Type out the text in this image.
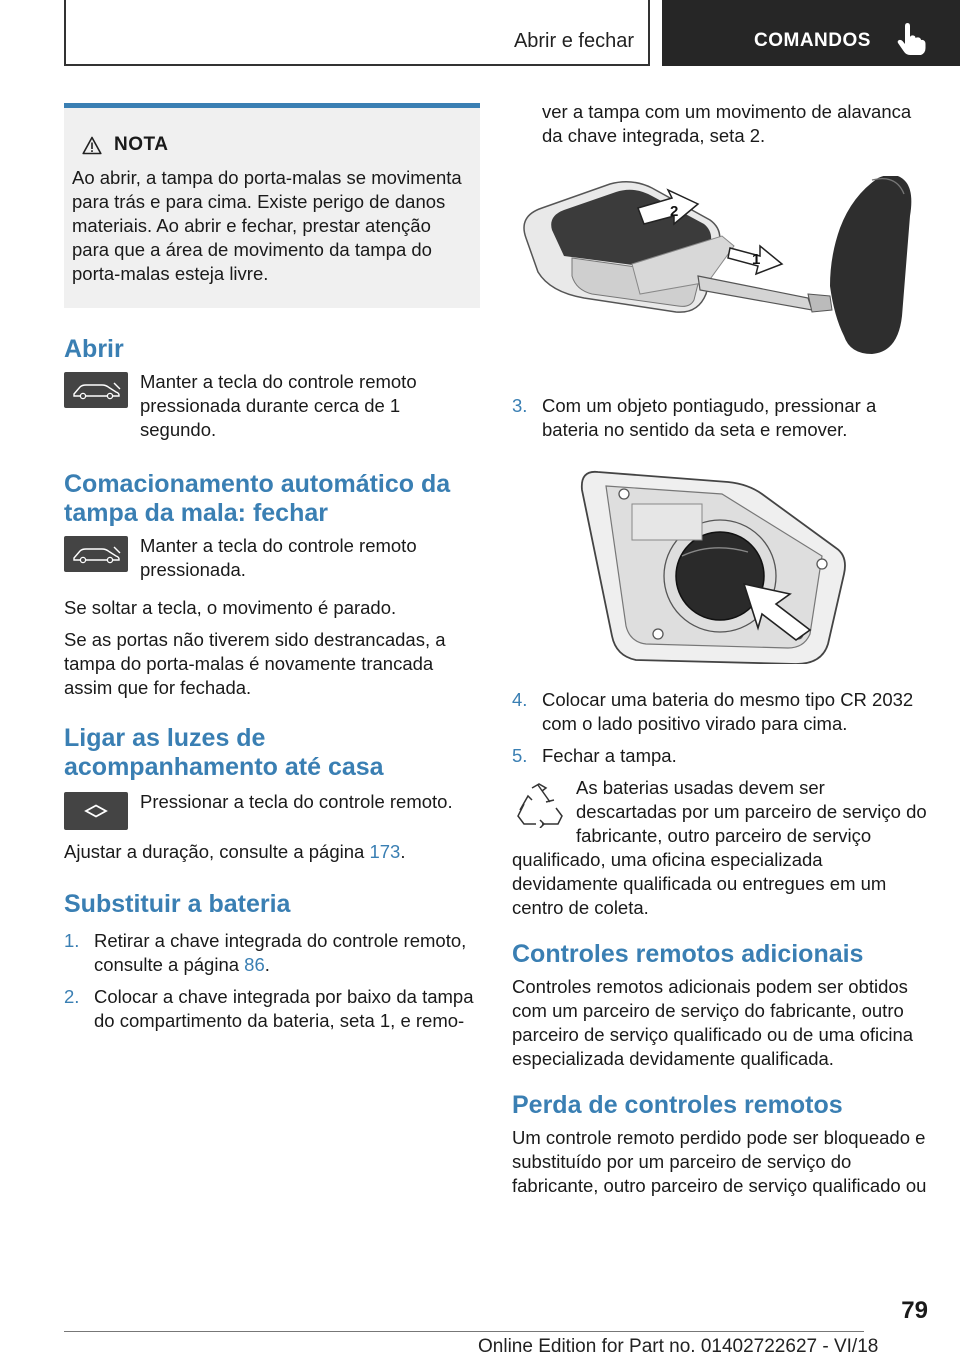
Abrir e fechar	COMANDOS
NOTA
Ao abrir, a tampa do porta-malas se movimenta para trás e para cima. Existe perigo de danos materiais. Ao abrir e fechar, prestar atenção para que a área de movimento da tampa do porta-malas esteja livre.
Abrir
Manter a tecla do controle remoto pressionada durante cerca de 1 segundo.
Comacionamento automático da tampa da mala: fechar
Manter a tecla do controle remoto pressionada.

Se soltar a tecla, o movimento é parado.

Se as portas não tiverem sido destrancadas, a tampa do porta-malas é novamente trancada assim que for fechada.

Ligar as luzes de acompanhamento até casa
Pressionar a tecla do controle remoto.

Ajustar a duração, consulte a página 173.

Substituir a bateria
1. Retirar a chave integrada do controle remoto, consulte a página 86.
2. Colocar a chave integrada por baixo da tampa do compartimento da bateria, seta 1, e remo-
ver a tampa com um movimento de alavanca da chave integrada, seta 2.
1
2
3. Com um objeto pontiagudo, pressionar a bateria no sentido da seta e remover.
4. Colocar uma bateria do mesmo tipo CR 2032 com o lado positivo virado para cima.
5. Fechar a tampa.

As baterias usadas devem ser descartadas por um parceiro de serviço do fabricante, outro parceiro de serviço qualificado, uma oficina especializada devidamente qualificada ou entregues em um centro de coleta.

Controles remotos adicionais

Controles remotos adicionais podem ser obtidos com um parceiro de serviço do fabricante, outro parceiro de serviço qualificado ou de uma oficina especializada devidamente qualificada.

Perda de controles remotos

Um controle remoto perdido pode ser bloqueado e substituído por um parceiro de serviço do fabricante, outro parceiro de serviço qualificado ou

79
Online Edition for Part no. 01402722627 - VI/18
